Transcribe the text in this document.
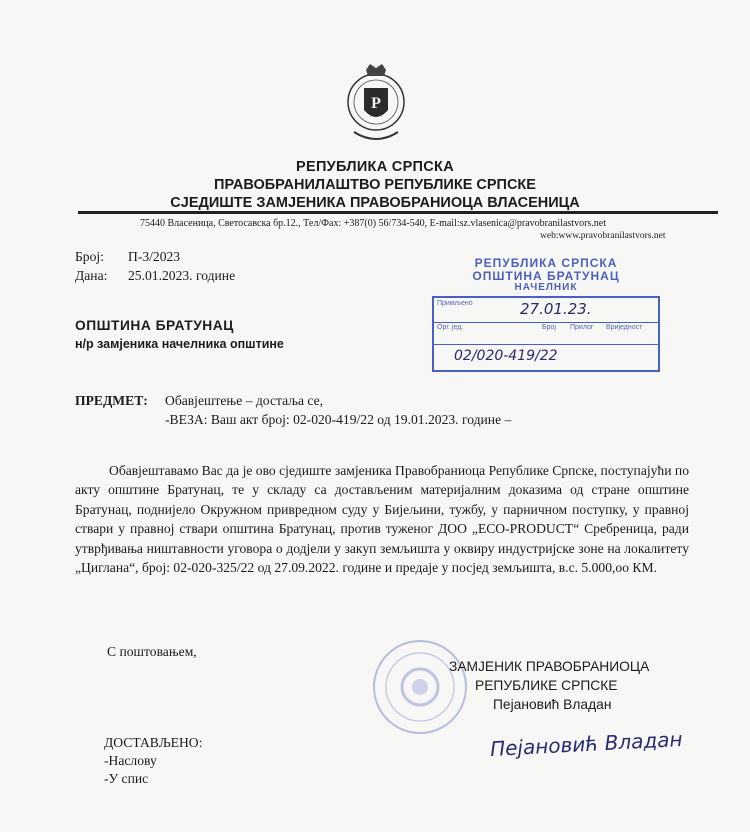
P
РЕПУБЛИКА СРПСКА
ПРАВОБРАНИЛАШТВО РЕПУБЛИКЕ СРПСКЕ
СЈЕДИШТЕ ЗАМЈЕНИКА ПРАВОБРАНИОЦА ВЛАСЕНИЦА
75440 Власеница, Светосавска бр.12., Тел/Фах: +387(0) 56/734-540, E-mail:sz.vlasenica@pravobranilastvors.net
web:www.pravobranilastvors.net
Број: П-3/2023
Дана: 25.01.2023. године
РЕПУБЛИКА СРПСКА
ОПШТИНА БРАТУНАЦ
НАЧЕЛНИК
Примљено	27.01.23.
Орг. јед.	Број Прилог Вриједност
02/020-419/22
ОПШТИНА БРАТУНАЦ
н/р замјеника начелника општине
ПРЕДМЕТ: Обавјештење – достаља се,
-ВЕЗА: Ваш акт број: 02-020-419/22 од 19.01.2023. године –

Обавјештавамо Вас да је ово сједиште замјеника Правобраниоца Републике Српске, поступајући по акту општине Братунац, те у складу са достављеним материјалним доказима од стране општине Братунац, поднијело Окружном привредном суду у Бијељини, тужбу, у парничном поступку, у правној ствари у правној ствари општина Братунац, против туженог ДОО „ECO-PRODUCT“ Сребреница, ради утврђивања ништавности уговора о додјели у закуп земљишта у оквиру индустријске зоне на локалитету „Циглана“, број: 02-020-325/22 од 27.09.2022. године и предаје у посјед земљишта, в.с. 5.000,оо КМ.

С поштовањем,
ЗАМЈЕНИК ПРАВОБРАНИОЦА
РЕПУБЛИКЕ СРПСКЕ
Пејановић Владан
Пејановић Владан
ДОСТАВЉЕНО:
-Наслову
-У спис
